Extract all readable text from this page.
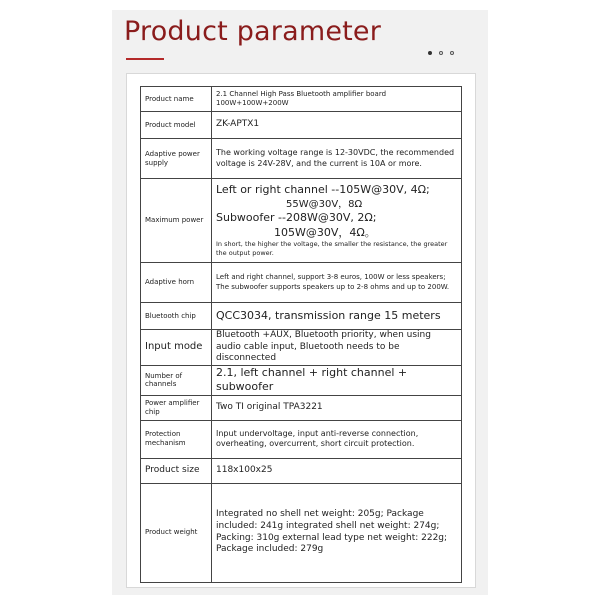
Product parameter
Product name	2.1 Channel High Pass Bluetooth amplifier board 100W+100W+200W
Product model	ZK-APTX1
Adaptive power supply	The working voltage range is 12-30VDC, the recommended voltage is 24V-28V, and the current is 10A or more.
Maximum power	Left or right channel --105W@30V, 4Ω;
55W@30V，8Ω
Subwoofer --208W@30V, 2Ω;
105W@30V，4Ω。
In short, the higher the voltage, the smaller the resistance, the greater the output power.

Adaptive horn	Left and right channel, support 3-8 euros, 100W or less speakers; The subwoofer supports speakers up to 2-8 ohms and up to 200W.
Bluetooth chip	QCC3034, transmission range 15 meters
Input mode	Bluetooth +AUX, Bluetooth priority, when using audio cable input, Bluetooth needs to be disconnected
Number of channels	2.1, left channel + right channel + subwoofer
Power amplifier chip	Two TI original TPA3221
Protection mechanism	Input undervoltage, input anti-reverse connection, overheating, overcurrent, short circuit protection.
Product size	118x100x25
Product weight	Integrated no shell net weight: 205g; Package included: 241g integrated shell net weight: 274g; Packing: 310g external lead type net weight: 222g; Package included: 279g
